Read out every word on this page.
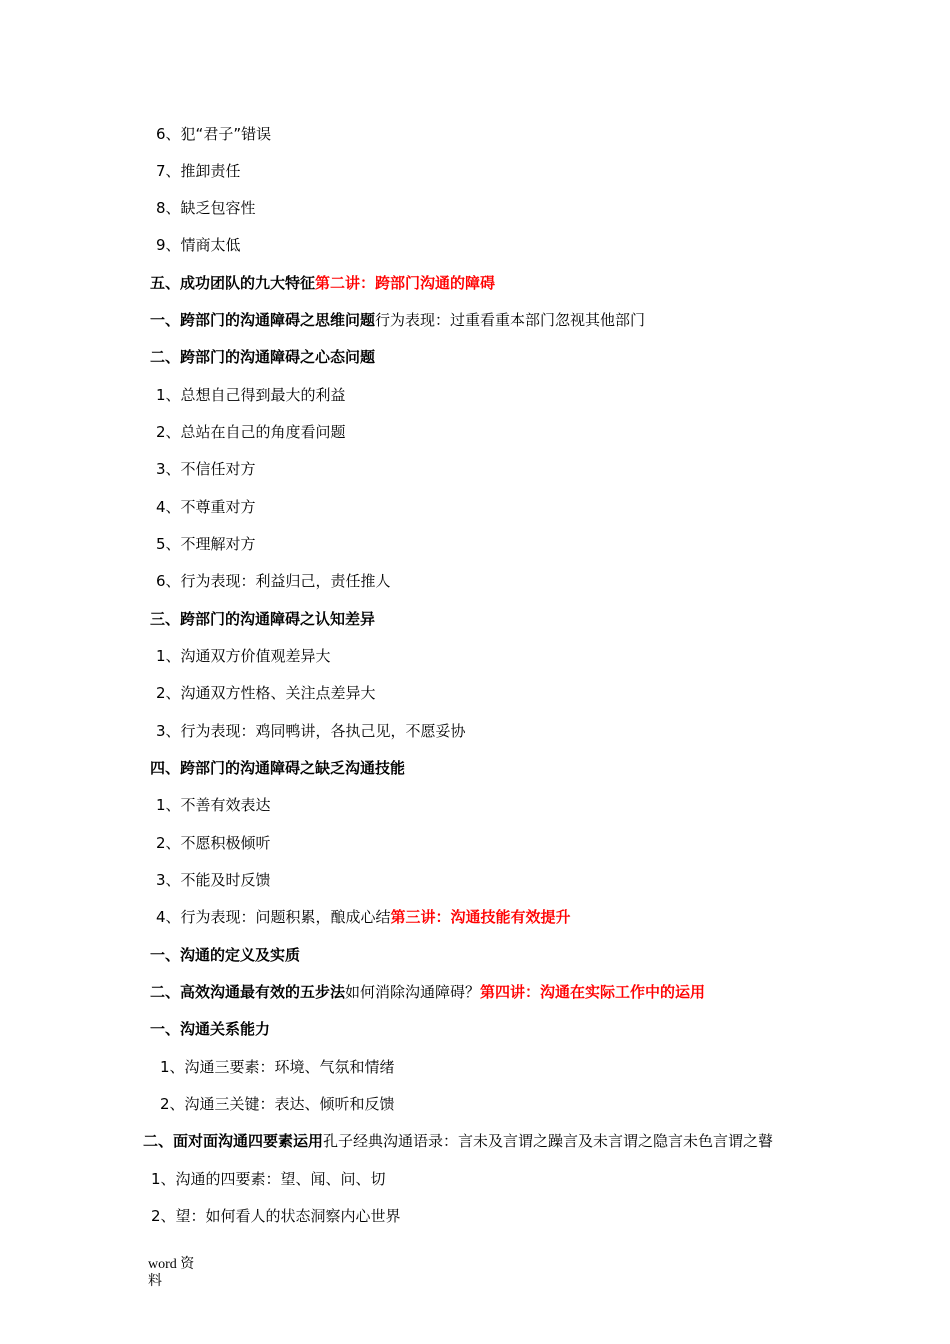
6、犯“君子”错误
7、推卸责任
8、缺乏包容性
9、情商太低
五、成功团队的九大特征第二讲：跨部门沟通的障碍
一、跨部门的沟通障碍之思维问题行为表现：过重看重本部门忽视其他部门
二、跨部门的沟通障碍之心态问题
1、总想自己得到最大的利益
2、总站在自己的角度看问题
3、不信任对方
4、不尊重对方
5、不理解对方
6、行为表现：利益归己，责任推人
三、跨部门的沟通障碍之认知差异
1、沟通双方价值观差异大
2、沟通双方性格、关注点差异大
3、行为表现：鸡同鸭讲，各执己见，不愿妥协
四、跨部门的沟通障碍之缺乏沟通技能
1、不善有效表达
2、不愿积极倾听
3、不能及时反馈
4、行为表现：问题积累，酿成心结第三讲：沟通技能有效提升
一、沟通的定义及实质
二、高效沟通最有效的五步法如何消除沟通障碍？第四讲：沟通在实际工作中的运用
一、沟通关系能力
1、沟通三要素：环境、气氛和情绪
2、沟通三关键：表达、倾听和反馈
二、面对面沟通四要素运用孔子经典沟通语录：言未及言谓之躁言及未言谓之隐言未色言谓之瞽
1、沟通的四要素：望、闻、问、切
2、望：如何看人的状态洞察内心世界
word 资
料
